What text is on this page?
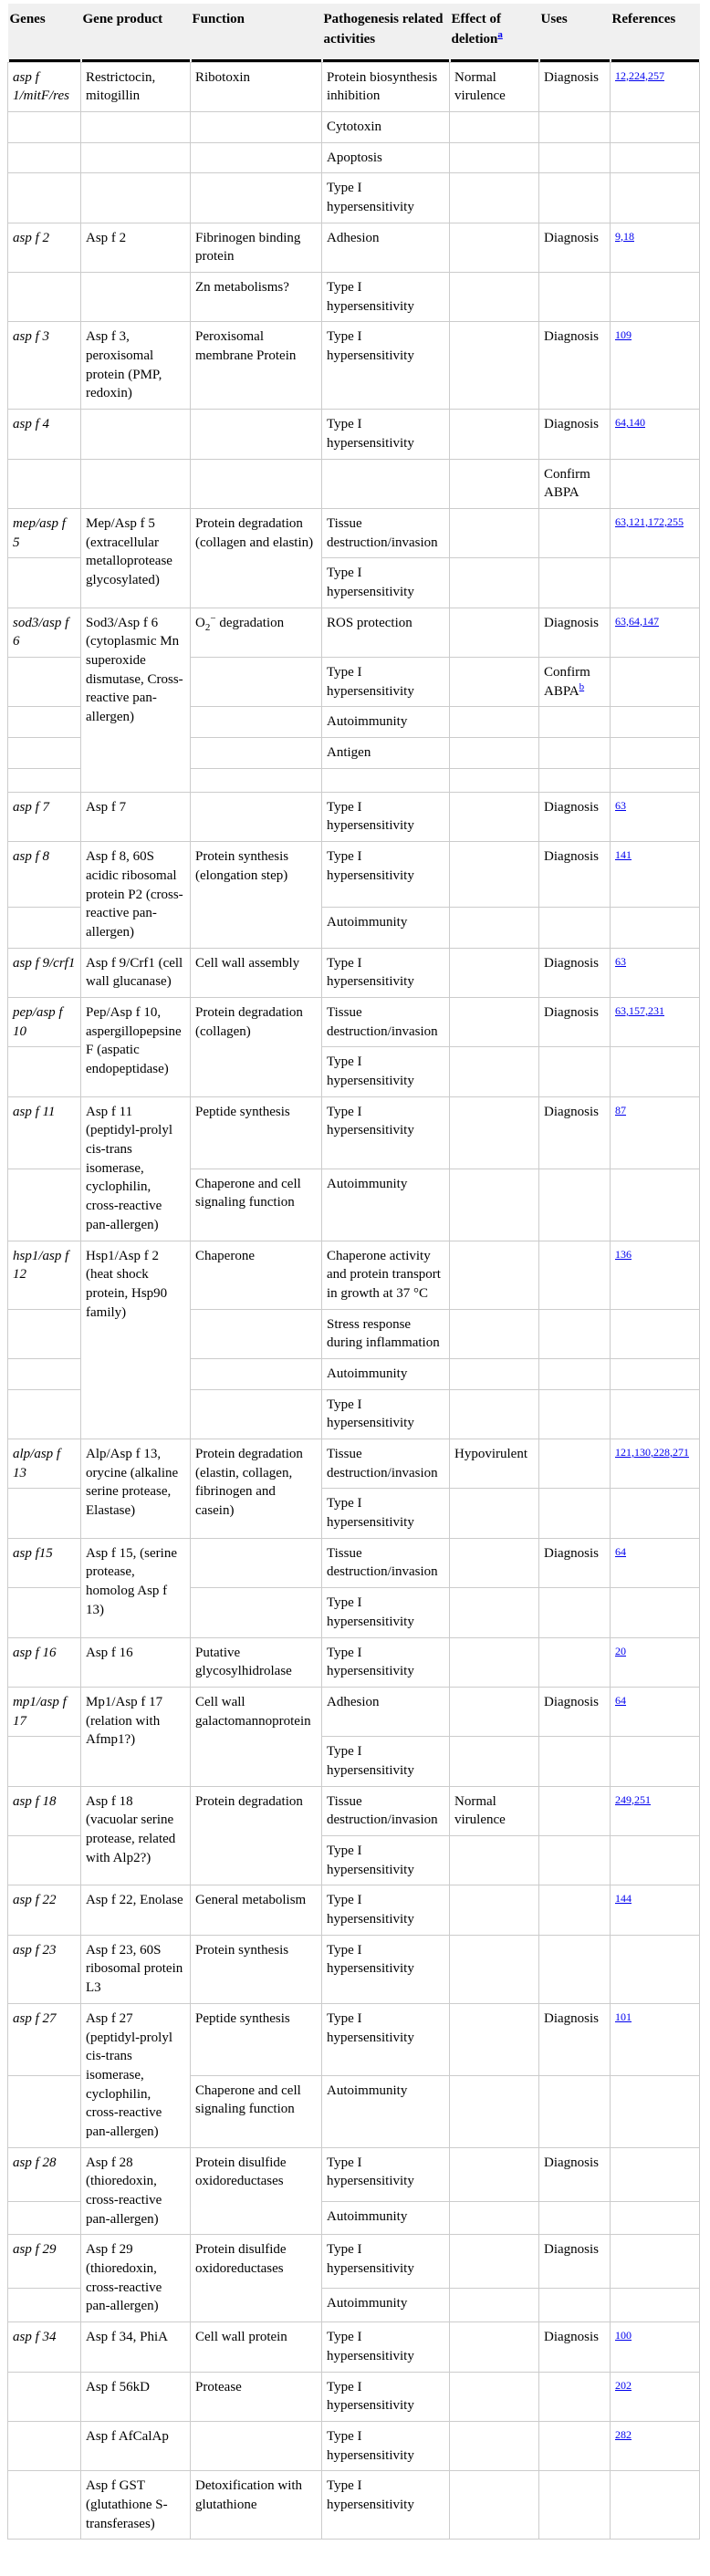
Genes	Gene product	Function	Pathogenesis related activities	Effect of deletion$^a$	Uses	References
asp f 1/mitF/res	Restrictocin, mitogillin	Ribotoxin	Protein biosynthesis inhibition	Normal virulence	Diagnosis	$^{12,224,257}$
			Cytotoxin			
			Apoptosis			
			Type I hypersensitivity			
asp f 2	Asp f 2	Fibrinogen binding protein	Adhesion		Diagnosis	$^{9,18}$
		Zn metabolisms?	Type I hypersensitivity			
asp f 3	Asp f 3, peroxisomal protein (PMP, redoxin)	Peroxisomal membrane Protein	Type I hypersensitivity		Diagnosis	$^{109}$
asp f 4			Type I hypersensitivity		Diagnosis	$^{64,140}$
					Confirm ABPA	
mep/asp f 5	Mep/Asp f 5 (extracellular metalloprotease glycosylated)	Protein degradation (collagen and elastin)	Tissue destruction/invasion			$^{63,121,172,255}$
			Type I hypersensitivity			
sod3/asp f 6	Sod3/Asp f 6 (cytoplasmic Mn superoxide dismutase, Cross-reactive pan-allergen)	$O_2^-$ degradation	ROS protection		Diagnosis	$^{63,64,147}$
			Type I hypersensitivity		Confirm ABPA$^b$	
			Autoimmunity			
			Antigen			

asp f 7	Asp f 7		Type I hypersensitivity		Diagnosis	$^{63}$
asp f 8	Asp f 8, 60S acidic ribosomal protein P2 (cross-reactive pan-allergen)	Protein synthesis (elongation step)	Type I hypersensitivity		Diagnosis	$^{141}$
			Autoimmunity			
asp f 9/crf1	Asp f 9/Crf1 (cell wall glucanase)	Cell wall assembly	Type I hypersensitivity		Diagnosis	$^{63}$
pep/asp f 10	Pep/Asp f 10, aspergillopepsine F (aspatic endopeptidase)	Protein degradation (collagen)	Tissue destruction/invasion		Diagnosis	$^{63,157,231}$
			Type I hypersensitivity			
asp f 11	Asp f 11 (peptidyl-prolyl cis-trans isomerase, cyclophilin, cross-reactive pan-allergen)	Peptide synthesis	Type I hypersensitivity		Diagnosis	$^{87}$
		Chaperone and cell signaling function	Autoimmunity			
hsp1/asp f 12	Hsp1/Asp f 2 (heat shock protein, Hsp90 family)	Chaperone	Chaperone activity and protein transport in growth at 37 °C			$^{136}$
			Stress response during inflammation			
			Autoimmunity			
			Type I hypersensitivity			
alp/asp f 13	Alp/Asp f 13, orycine (alkaline serine protease, Elastase)	Protein degradation (elastin, collagen, fibrinogen and casein)	Tissue destruction/invasion	Hypovirulent		$^{121,130,228,271}$
			Type I hypersensitivity			
asp f15	Asp f 15, (serine protease, homolog Asp f 13)		Tissue destruction/invasion		Diagnosis	$^{64}$
			Type I hypersensitivity			
asp f 16	Asp f 16	Putative glycosylhidrolase	Type I hypersensitivity			$^{20}$
mp1/asp f 17	Mp1/Asp f 17 (relation with Afmp1?)	Cell wall galactomannoprotein	Adhesion		Diagnosis	$^{64}$
			Type I hypersensitivity			
asp f 18	Asp f 18 (vacuolar serine protease, related with Alp2?)	Protein degradation	Tissue destruction/invasion	Normal virulence		$^{249,251}$
			Type I hypersensitivity			
asp f 22	Asp f 22, Enolase	General metabolism	Type I hypersensitivity			$^{144}$
asp f 23	Asp f 23, 60S ribosomal protein L3	Protein synthesis	Type I hypersensitivity			
asp f 27	Asp f 27 (peptidyl-prolyl cis-trans isomerase, cyclophilin, cross-reactive pan-allergen)	Peptide synthesis	Type I hypersensitivity		Diagnosis	$^{101}$
		Chaperone and cell signaling function	Autoimmunity			
asp f 28	Asp f 28 (thioredoxin, cross-reactive pan-allergen)	Protein disulfide oxidoreductases	Type I hypersensitivity		Diagnosis	
			Autoimmunity			
asp f 29	Asp f 29 (thioredoxin, cross-reactive pan-allergen)	Protein disulfide oxidoreductases	Type I hypersensitivity		Diagnosis	
			Autoimmunity			
asp f 34	Asp f 34, PhiA	Cell wall protein	Type I hypersensitivity		Diagnosis	$^{100}$
	Asp f 56kD	Protease	Type I hypersensitivity			$^{202}$
	Asp f AfCalAp		Type I hypersensitivity			$^{282}$
	Asp f GST (glutathione S-transferases)	Detoxification with glutathione	Type I hypersensitivity			
